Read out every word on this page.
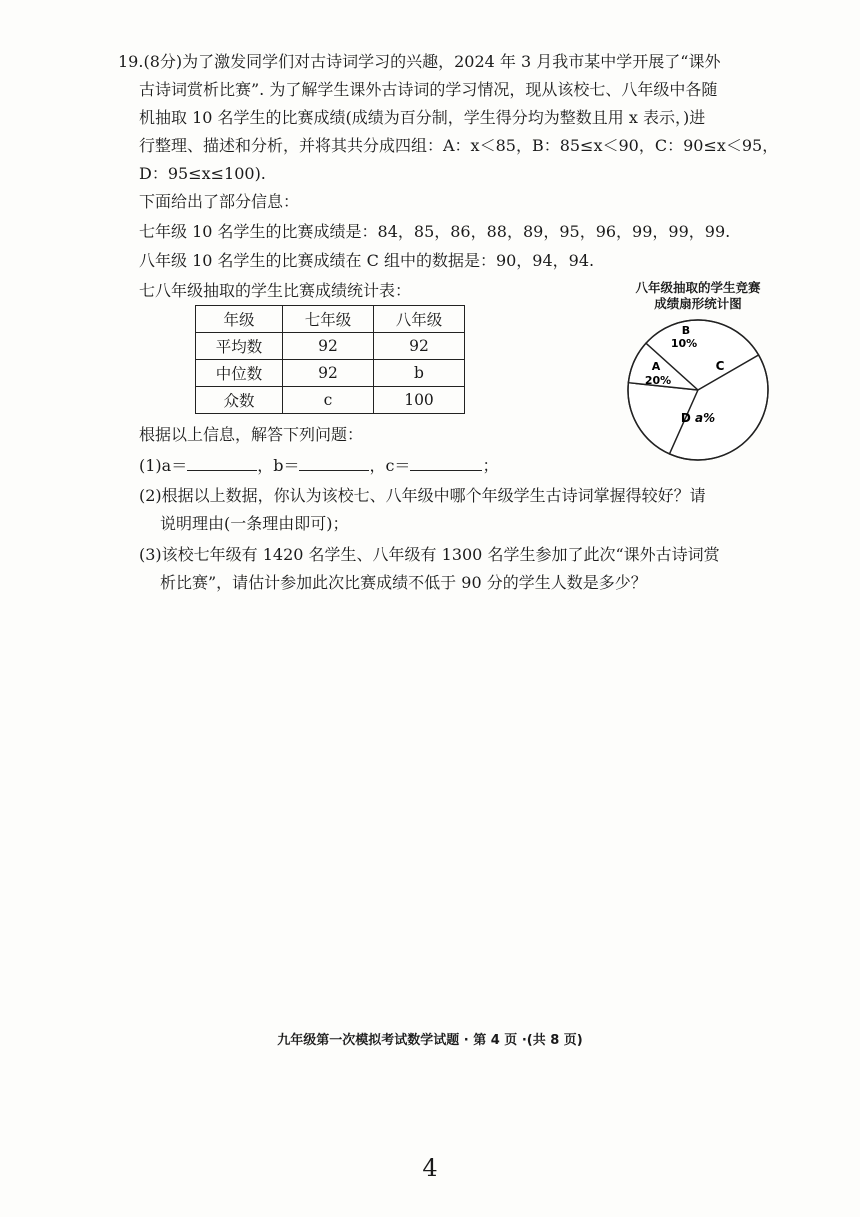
19.(8分)为了激发同学们对古诗词学习的兴趣，2024 年 3 月我市某中学开展了“课外
古诗词赏析比赛”. 为了解学生课外古诗词的学习情况，现从该校七、八年级中各随
机抽取 10 名学生的比赛成绩(成绩为百分制，学生得分均为整数且用 x 表示，)进
行整理、描述和分析，并将其共分成四组：A：x＜85，B：85≤x＜90，C：90≤x＜95，
D：95≤x≤100).
下面给出了部分信息：
七年级 10 名学生的比赛成绩是：84，85，86，88，89，95，96，99，99，99.
八年级 10 名学生的比赛成绩在 C 组中的数据是：90，94，94.
七八年级抽取的学生比赛成绩统计表：
年级	七年级	八年级
平均数	92	92
中位数	92	b
众数	c	100
八年级抽取的学生竞赛
成绩扇形统计图
B
10%
A
20%
C
D a%
根据以上信息，解答下列问题：
(1)a＝	，b＝	，c＝	；
(2)根据以上数据，你认为该校七、八年级中哪个年级学生古诗词掌握得较好？请
说明理由(一条理由即可)；
(3)该校七年级有 1420 名学生、八年级有 1300 名学生参加了此次“课外古诗词赏
析比赛”，请估计参加此次比赛成绩不低于 90 分的学生人数是多少？
九年级第一次模拟考试数学试题 · 第 4 页 ·(共 8 页)
4
